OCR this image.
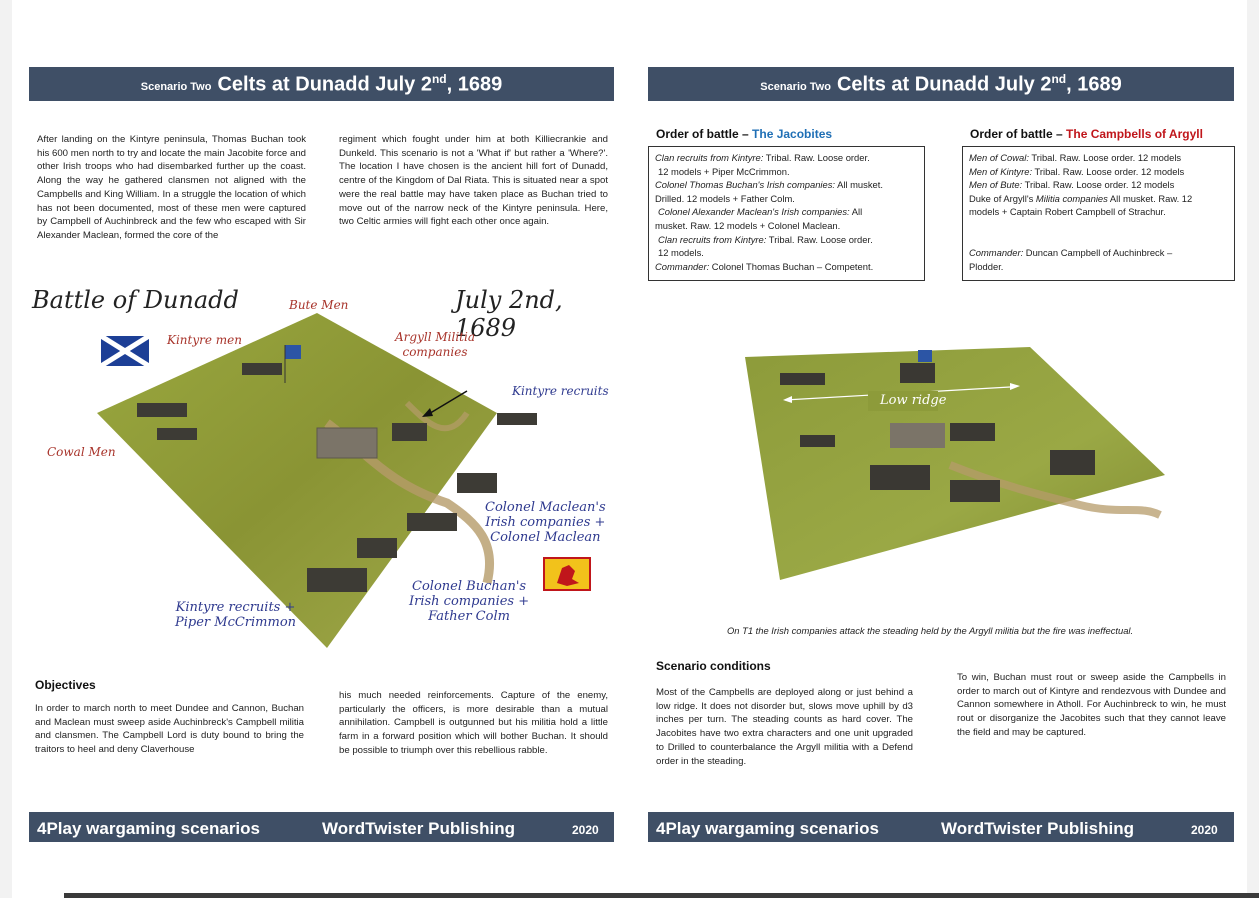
Scenario Two Celts at Dunadd July 2nd, 1689
After landing on the Kintyre peninsula, Thomas Buchan took his 600 men north to try and locate the main Jacobite force and other Irish troops who had disembarked further up the coast. Along the way he gathered clansmen not aligned with the Campbells and King William. In a struggle the location of which has not been documented, most of these men were captured by Campbell of Auchinbreck and the few who escaped with Sir Alexander Maclean, formed the core of the
regiment which fought under him at both Killiecrankie and Dunkeld. This scenario is not a 'What if' but rather a 'Where?'. The location I have chosen is the ancient hill fort of Dunadd, centre of the Kingdom of Dal Riata. This is situated near a spot were the real battle may have taken place as Buchan tried to move out of the narrow neck of the Kintyre peninsula. Here, two Celtic armies will fight each other once again.
Battle of Dunadd	July 2nd, 1689
Bute Men
Kintyre men	Argyll Militia
companies
Kintyre recruits
Cowal Men
Colonel Maclean's
Irish companies +
Colonel Maclean
Colonel Buchan's
Irish companies +
Father Colm
Kintyre recruits +
Piper McCrimmon
Objectives
In order to march north to meet Dundee and Cannon, Buchan and Maclean must sweep aside Auchinbreck's Campbell militia and clansmen. The Campbell Lord is duty bound to bring the traitors to heel and deny Claverhouse
his much needed reinforcements. Capture of the enemy, particularly the officers, is more desirable than a mutual annihilation. Campbell is outgunned but his militia hold a little farm in a forward position which will bother Buchan. It should be possible to triumph over this rebellious rabble.
4Play wargaming scenarios	WordTwister Publishing	2020
Scenario Two Celts at Dunadd July 2nd, 1689
Order of battle – The Jacobites	Order of battle – The Campbells of Argyll
Clan recruits from Kintyre: Tribal. Raw. Loose order.
12 models + Piper McCrimmon.
Colonel Thomas Buchan's Irish companies: All musket.
Drilled. 12 models + Father Colm.
Colonel Alexander Maclean's Irish companies: All
musket. Raw. 12 models + Colonel Maclean.
Clan recruits from Kintyre: Tribal. Raw. Loose order.
12 models.
Commander: Colonel Thomas Buchan – Competent.
Men of Cowal: Tribal. Raw. Loose order. 12 models
Men of Kintyre: Tribal. Raw. Loose order. 12 models
Men of Bute: Tribal. Raw. Loose order. 12 models
Duke of Argyll's Militia companies All musket. Raw. 12
models + Captain Robert Campbell of Strachur.
Commander: Duncan Campbell of Auchinbreck –
Plodder.
Low ridge
On T1 the Irish companies attack the steading held by the Argyll militia but the fire was ineffectual.
Scenario conditions
Most of the Campbells are deployed along or just behind a low ridge. It does not disorder but, slows move uphill by d3 inches per turn. The steading counts as hard cover. The Jacobites have two extra characters and one unit upgraded to Drilled to counterbalance the Argyll militia with a Defend order in the steading.
To win, Buchan must rout or sweep aside the Campbells in order to march out of Kintyre and rendezvous with Dundee and Cannon somewhere in Atholl. For Auchinbreck to win, he must rout or disorganize the Jacobites such that they cannot leave the field and may be captured.
4Play wargaming scenarios	WordTwister Publishing	2020
